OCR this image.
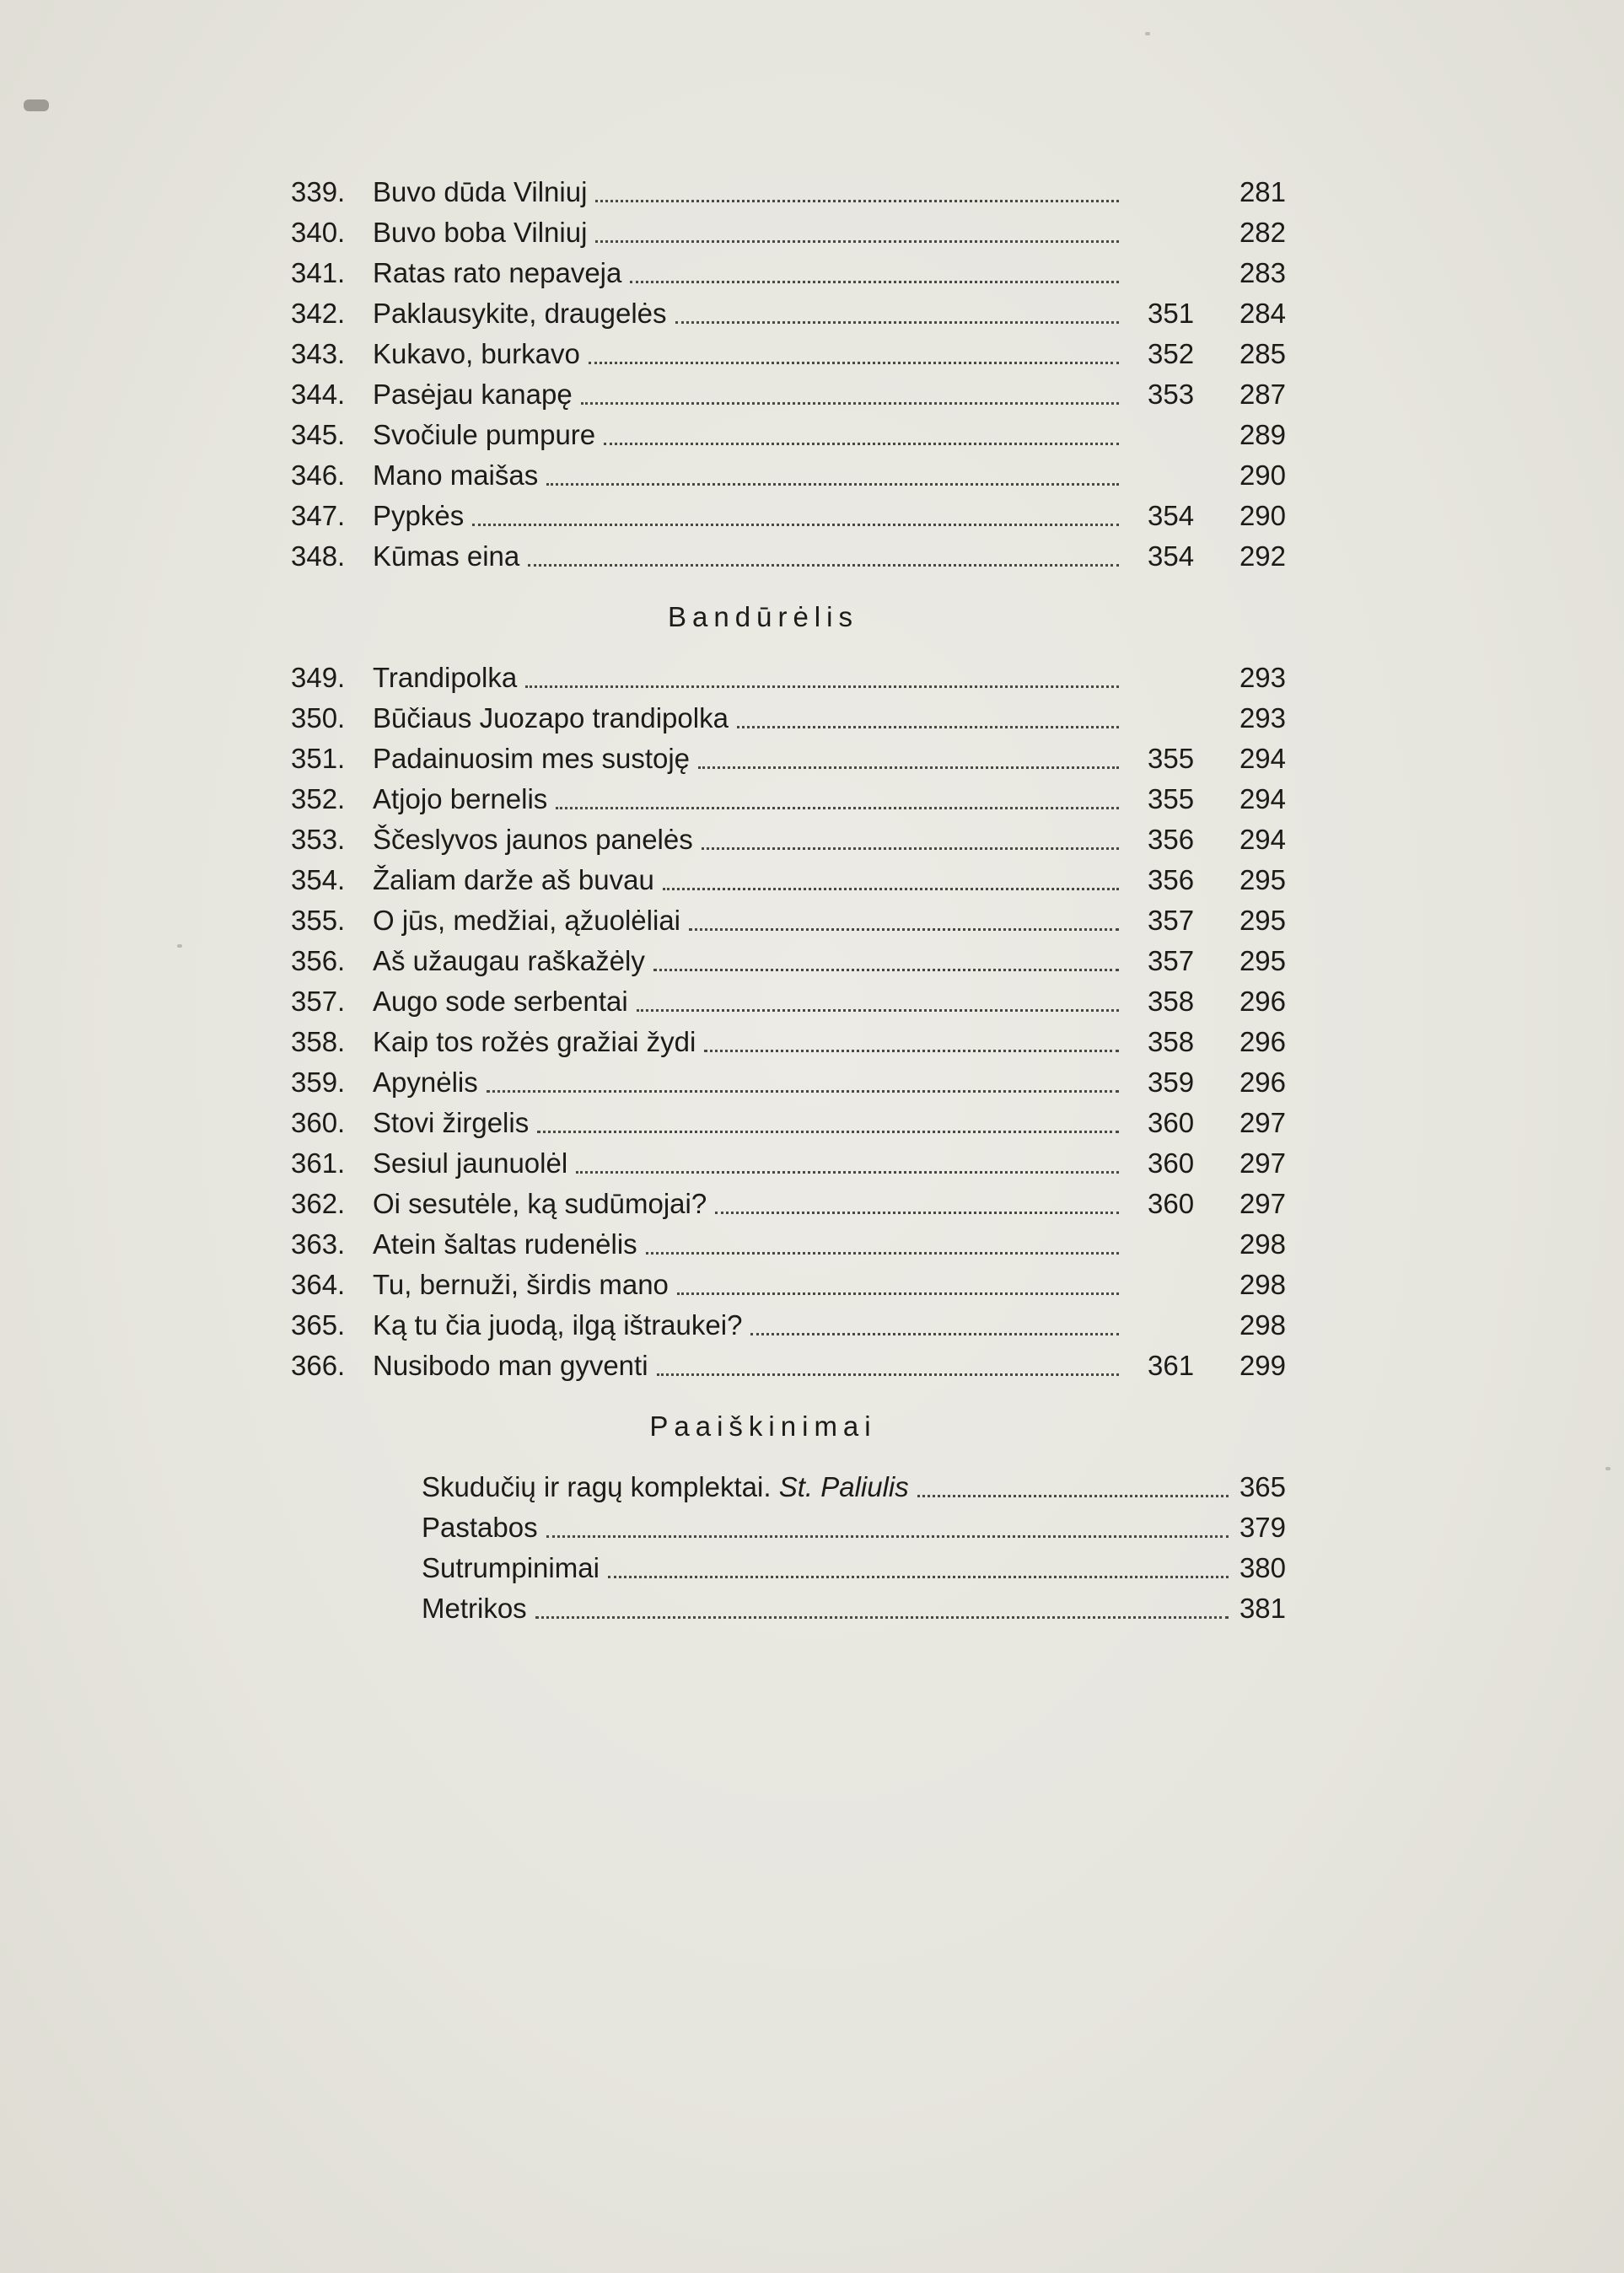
339. Buvo dūda Vilniuj	281
340. Buvo boba Vilniuj	282
341. Ratas rato nepaveja	283
342. Paklausykite, draugelės	351	284
343. Kukavo, burkavo	352	285
344. Pasėjau kanapę	353	287
345. Svočiule pumpure	289
346. Mano maišas	290
347. Pypkės	354	290
348. Kūmas eina	354	292
Bandūrėlis
349. Trandipolka	293
350. Būčiaus Juozapo trandipolka	293
351. Padainuosim mes sustoję	355	294
352. Atjojo bernelis	355	294
353. Ščeslyvos jaunos panelės	356	294
354. Žaliam darže aš buvau	356	295
355. O jūs, medžiai, ąžuolėliai	357	295
356. Aš užaugau raškažėly	357	295
357. Augo sode serbentai	358	296
358. Kaip tos rožės gražiai žydi	358	296
359. Apynėlis	359	296
360. Stovi žirgelis	360	297
361. Sesiul jaunuolėl	360	297
362. Oi sesutėle, ką sudūmojai?	360	297
363. Atein šaltas rudenėlis	298
364. Tu, bernuži, širdis mano	298
365. Ką tu čia juodą, ilgą ištraukei?	298
366. Nusibodo man gyventi	361	299
Paaiškinimai
Skudučių ir ragų komplektai. St. Paliulis	365
Pastabos	379
Sutrumpinimai	380
Metrikos	381
